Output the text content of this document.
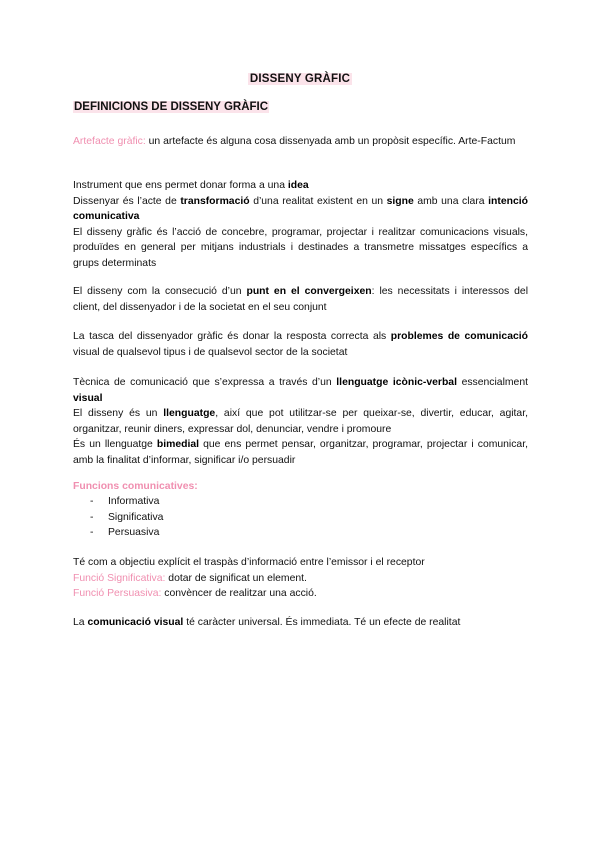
DISSENY GRÀFIC
DEFINICIONS DE DISSENY GRÀFIC

Artefacte gràfic: un artefacte és alguna cosa dissenyada amb un propòsit específic. Arte-Factum

Instrument que ens permet donar forma a una idea
Dissenyar és l’acte de transformació d’una realitat existent en un signe amb una clara intenció comunicativa
El disseny gràfic és l’acció de concebre, programar, projectar i realitzar comunicacions visuals, produïdes en general per mitjans industrials i destinades a transmetre missatges específics a grups determinats

El disseny com la consecució d’un punt en el convergeixen: les necessitats i interessos del client, del dissenyador i de la societat en el seu conjunt

La tasca del dissenyador gràfic és donar la resposta correcta als problemes de comunicació visual de qualsevol tipus i de qualsevol sector de la societat

Tècnica de comunicació que s’expressa a través d’un llenguatge icònic-verbal essencialment visual
El disseny és un llenguatge, així que pot utilitzar-se per queixar-se, divertir, educar, agitar, organitzar, reunir diners, expressar dol, denunciar, vendre i promoure
És un llenguatge bimedial que ens permet pensar, organitzar, programar, projectar i comunicar, amb la finalitat d’informar, significar i/o persuadir

Funcions comunicatives:

-	Informativa
-	Significativa
-	Persuasiva

Té com a objectiu explícit el traspàs d’informació entre l’emissor i el receptor
Funció Significativa: dotar de significat un element.
Funció Persuasiva: convèncer de realitzar una acció.

La comunicació visual té caràcter universal. És immediata. Té un efecte de realitat
